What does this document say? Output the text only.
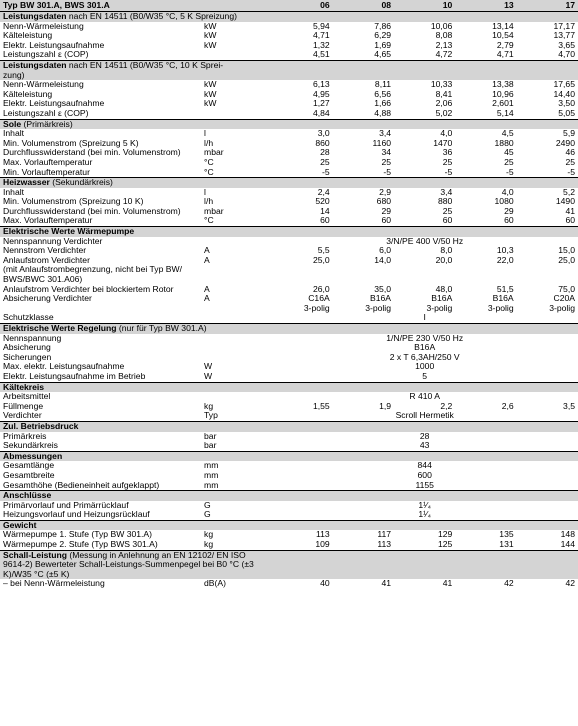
Typ BW 301.A, BWS 301.A		06	08	10	13	17
Leistungsdaten nach EN 14511 (B0/W35 °C, 5 K Spreizung)						
Nenn-Wärmeleistung	kW	5,94	7,86	10,06	13,14	17,17
Kälteleistung	kW	4,71	6,29	8,08	10,54	13,77
Elektr. Leistungsaufnahme	kW	1,32	1,69	2,13	2,79	3,65
Leistungszahl ε (COP)		4,51	4,65	4,72	4,71	4,70
Leistungsdaten nach EN 14511 (B0/W35 °C, 10 K Sprei-						
zung)						
Nenn-Wärmeleistung	kW	6,13	8,11	10,33	13,38	17,65
Kälteleistung	kW	4,95	6,56	8,41	10,96	14,40
Elektr. Leistungsaufnahme	kW	1,27	1,66	2,06	2,601	3,50
Leistungszahl ε (COP)		4,84	4,88	5,02	5,14	5,05
Sole (Primärkreis)						
Inhalt	l	3,0	3,4	4,0	4,5	5,9
Min. Volumenstrom (Spreizung 5 K)	l/h	860	1160	1470	1880	2490
Durchflusswiderstand (bei min. Volumenstrom)	mbar	28	34	36	45	46
Max. Vorlauftemperatur	°C	25	25	25	25	25
Min. Vorlauftemperatur	°C	-5	-5	-5	-5	-5
Heizwasser (Sekundärkreis)						
Inhalt	l	2,4	2,9	3,4	4,0	5,2
Min. Volumenstrom (Spreizung 10 K)	l/h	520	680	880	1080	1490
Durchflusswiderstand (bei min. Volumenstrom)	mbar	14	29	25	29	41
Max. Vorlauftemperatur	°C	60	60	60	60	60
Elektrische Werte Wärmepumpe						
Nennspannung Verdichter		3/N/PE 400 V/50 Hz				
Nennstrom Verdichter	A	5,5	6,0	8,0	10,3	15,0
Anlaufstrom Verdichter	A	25,0	14,0	20,0	22,0	25,0
(mit Anlaufstrombegrenzung, nicht bei Typ BW/ BWS/BWC 301.A06)						
Anlaufstrom Verdichter bei blockiertem Rotor	A	26,0	35,0	48,0	51,5	75,0
Absicherung Verdichter	A	C16A	B16A	B16A	B16A	C20A
		3-polig	3-polig	3-polig	3-polig	3-polig
Schutzklasse		I				
Elektrische Werte Regelung (nur für Typ BW 301.A)						
Nennspannung		1/N/PE 230 V/50 Hz				
Absicherung		B16A				
Sicherungen		2 x T 6,3AH/250 V				
Max. elektr. Leistungsaufnahme	W	1000				
Elektr. Leistungsaufnahme im Betrieb	W	5				
Kältekreis						
Arbeitsmittel		R 410 A				
Füllmenge	kg	1,55	1,9	2,2	2,6	3,5
Verdichter	Typ	Scroll Hermetik				
Zul. Betriebsdruck						
Primärkreis	bar	28				
Sekundärkreis	bar	43				
Abmessungen						
Gesamtlänge	mm	844				
Gesamtbreite	mm	600				
Gesamthöhe (Bedieneinheit aufgeklappt)	mm	1155				
Anschlüsse						
Primärvorlauf und Primärrücklauf	G	1¹⁄₄				
Heizungsvorlauf und Heizungsrücklauf	G	1¹⁄₄				
Gewicht						
Wärmepumpe 1. Stufe (Typ BW 301.A)	kg	113	117	129	135	148
Wärmepumpe 2. Stufe (Typ BWS 301.A)	kg	109	113	125	131	144
Schall-Leistung (Messung in Anlehnung an EN 12102/ EN ISO 9614-2) Bewerteter Schall-Leistungs-Summenpegel bei B0 °C (±3 K)/W35 °C (±5 K)						
– bei Nenn-Wärmeleistung	dB(A)	40	41	41	42	42
